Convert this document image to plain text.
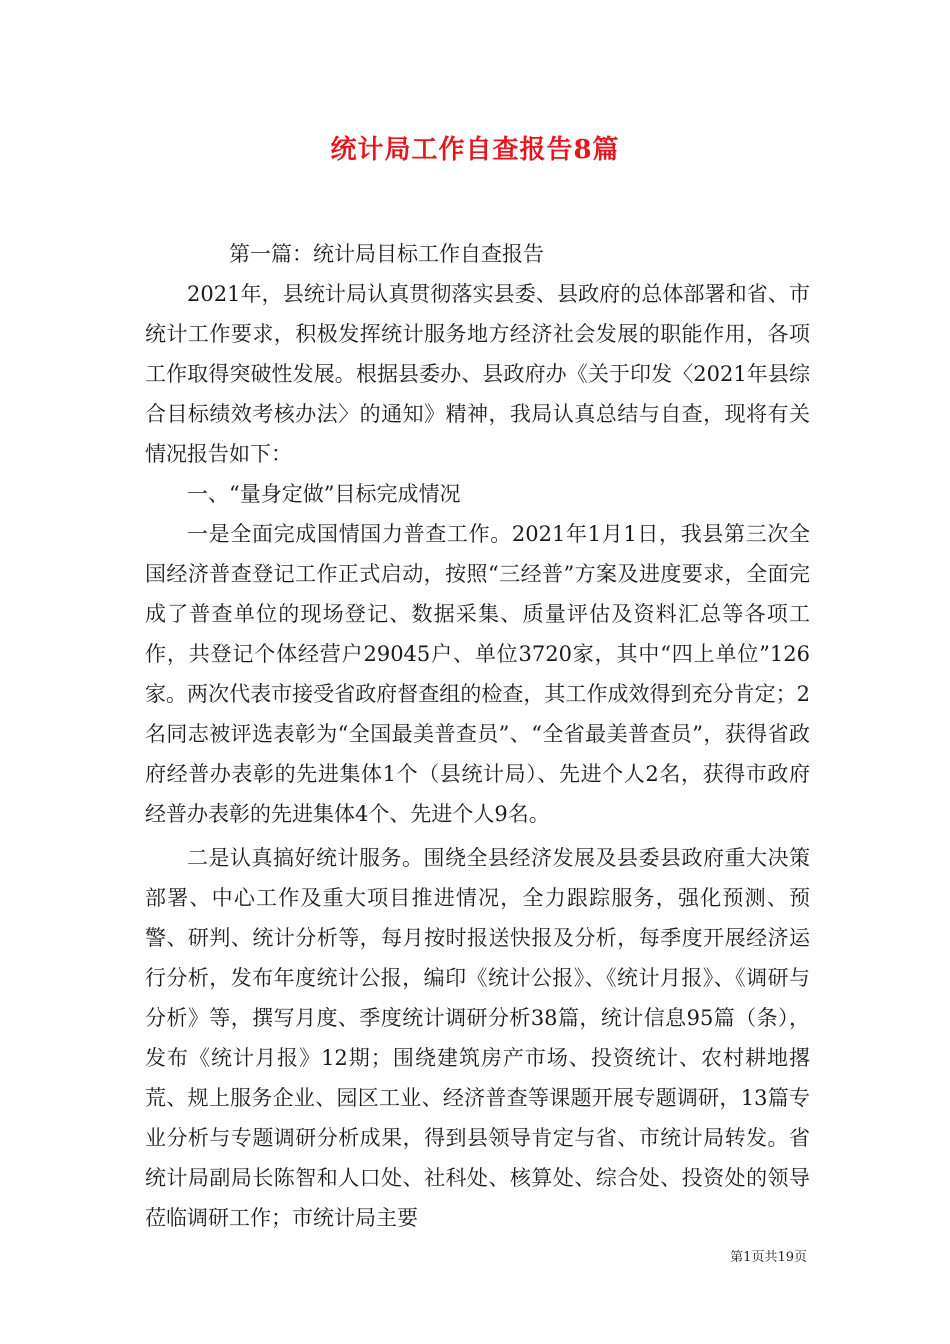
统计局工作自查报告8篇

第一篇：统计局目标工作自查报告

2021年，县统计局认真贯彻落实县委、县政府的总体部署和省、市统计工作要求，积极发挥统计服务地方经济社会发展的职能作用，各项工作取得突破性发展。根据县委办、县政府办《关于印发〈2021年县综合目标绩效考核办法〉的通知》精神，我局认真总结与自查，现将有关情况报告如下：

一、“量身定做”目标完成情况

一是全面完成国情国力普查工作。2021年1月1日，我县第三次全国经济普查登记工作正式启动，按照“三经普”方案及进度要求，全面完成了普查单位的现场登记、数据采集、质量评估及资料汇总等各项工作，共登记个体经营户29045户、单位3720家，其中“四上单位”126家。两次代表市接受省政府督查组的检查，其工作成效得到充分肯定；2名同志被评选表彰为“全国最美普查员”、“全省最美普查员”，获得省政府经普办表彰的先进集体1个（县统计局）、先进个人2名，获得市政府经普办表彰的先进集体4个、先进个人9名。

二是认真搞好统计服务。围绕全县经济发展及县委县政府重大决策部署、中心工作及重大项目推进情况，全力跟踪服务，强化预测、预警、研判、统计分析等，每月按时报送快报及分析，每季度开展经济运行分析，发布年度统计公报，编印《统计公报》、《统计月报》、《调研与分析》等，撰写月度、季度统计调研分析38篇，统计信息95篇（条），发布《统计月报》12期；围绕建筑房产市场、投资统计、农村耕地撂荒、规上服务企业、园区工业、经济普查等课题开展专题调研，13篇专业分析与专题调研分析成果，得到县领导肯定与省、市统计局转发。省统计局副局长陈智和人口处、社科处、核算处、综合处、投资处的领导莅临调研工作；市统计局主要

第1页共19页
